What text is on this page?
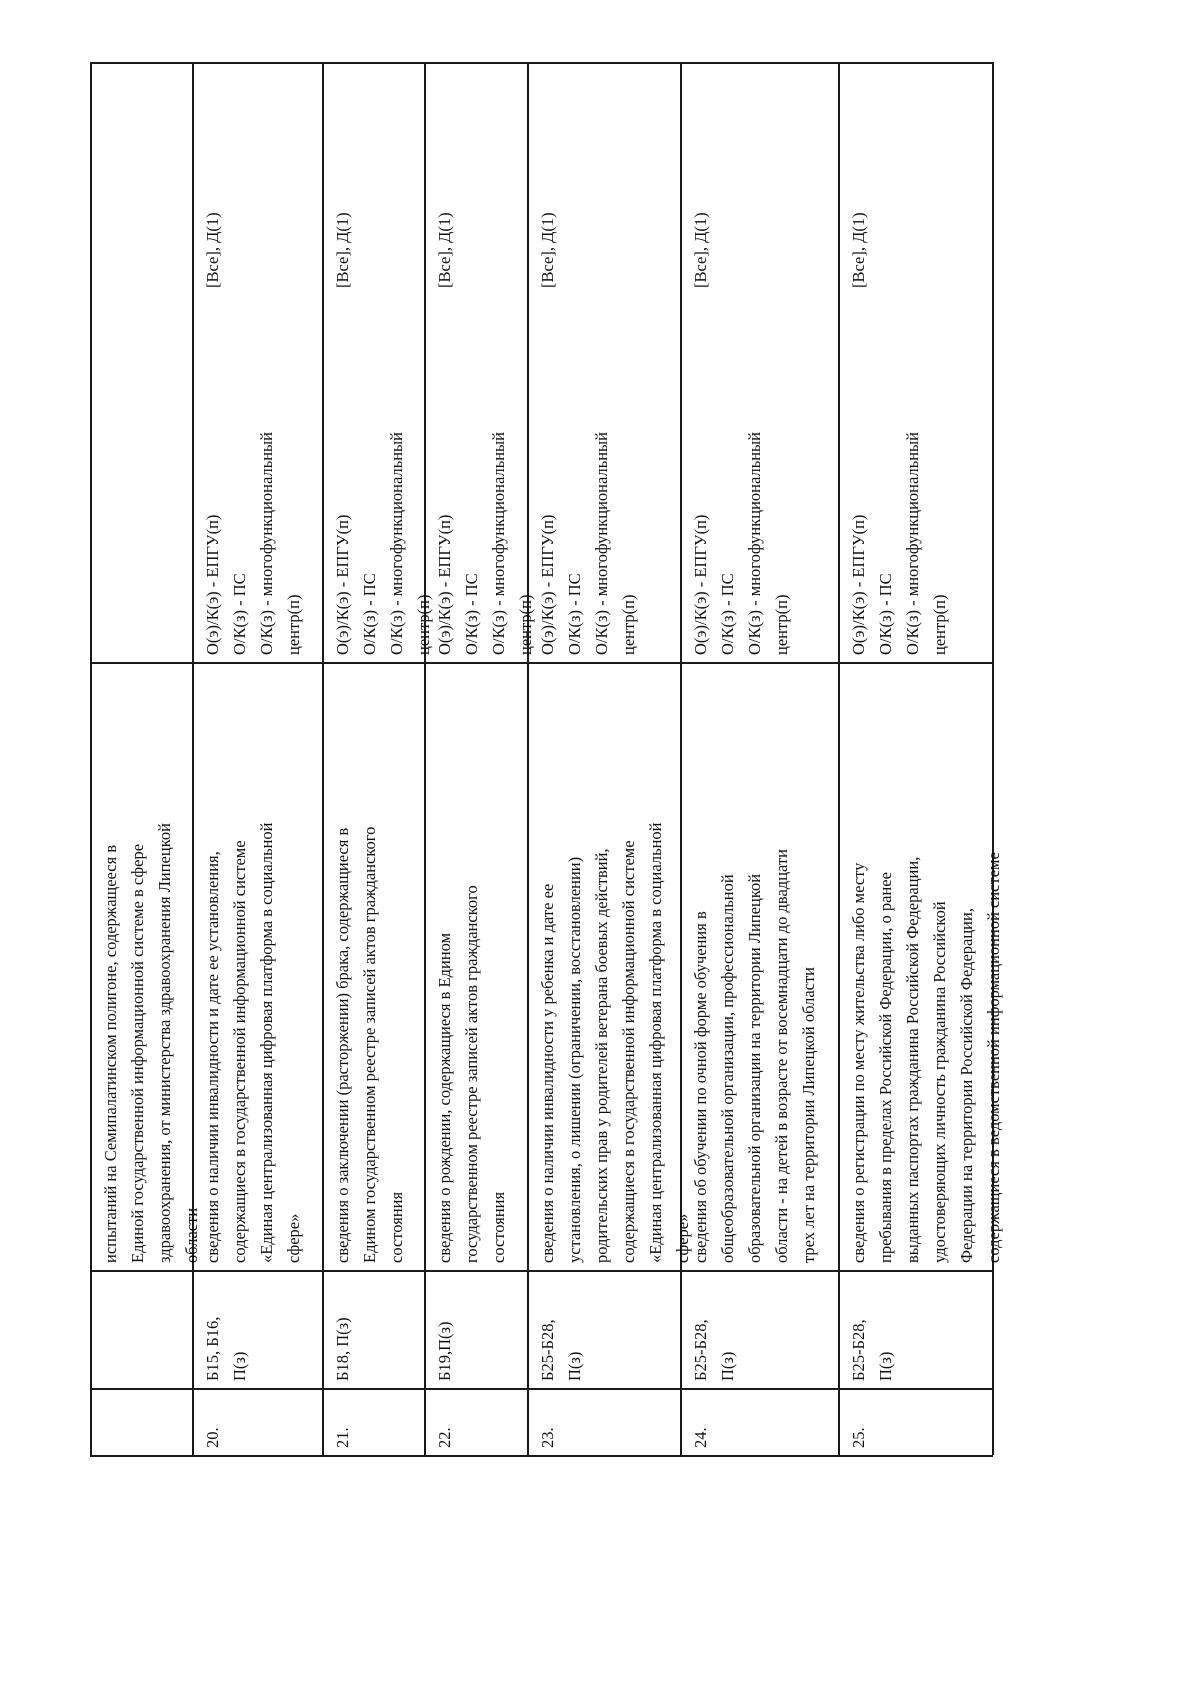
испытаний на Семипалатинском полигоне, содержащееся в
Единой государственной информационной системе в сфере
здравоохранения, от министерства здравоохранения Липецкой
области
20.
Б15, Б16,
П(з)
сведения о наличии инвалидности и дате ее установления,
содержащиеся в государственной информационной системе
«Единая централизованная цифровая платформа в социальной
сфере»
О(э)/К(э) - ЕПГУ(п)
О/К(з) - ПС
О/К(з) - многофункциональный
центр(п)
[Все], Д(1)
21.
Б18, П(з)
сведения о заключении (расторжении) брака, содержащиеся в
Едином государственном реестре записей актов гражданского
состояния
О(э)/К(э) - ЕПГУ(п)
О/К(з) - ПС
О/К(з) - многофункциональный
центр(п)
[Все], Д(1)
22.
Б19,П(з)
сведения о рождении, содержащиеся в Едином
государственном реестре записей актов гражданского
состояния
О(э)/К(э) - ЕПГУ(п)
О/К(з) - ПС
О/К(з) - многофункциональный
центр(п)
[Все], Д(1)
23.
Б25-Б28,
П(з)
сведения о наличии инвалидности у ребенка и дате ее
установления, о лишении (ограничении, восстановлении)
родительских прав у родителей ветерана боевых действий,
содержащиеся в государственной информационной системе
«Единая централизованная цифровая платформа в социальной
сфере»
О(э)/К(э) - ЕПГУ(п)
О/К(з) - ПС
О/К(з) - многофункциональный
центр(п)
[Все], Д(1)
24.
Б25-Б28,
П(з)
сведения об обучении по очной форме обучения в
общеобразовательной организации, профессиональной
образовательной организации на территории Липецкой
области - на детей в возрасте от восемнадцати до двадцати
трех лет на территории Липецкой области
О(э)/К(э) - ЕПГУ(п)
О/К(з) - ПС
О/К(з) - многофункциональный
центр(п)
[Все], Д(1)
25.
Б25-Б28,
П(з)
сведения о регистрации по месту жительства либо месту
пребывания в пределах Российской Федерации, о ранее
выданных паспортах гражданина Российской Федерации,
удостоверяющих личность гражданина Российской
Федерации на территории Российской Федерации,
содержащиеся в ведомственной информационной системе
О(э)/К(э) - ЕПГУ(п)
О/К(з) - ПС
О/К(з) - многофункциональный
центр(п)
[Все], Д(1)
